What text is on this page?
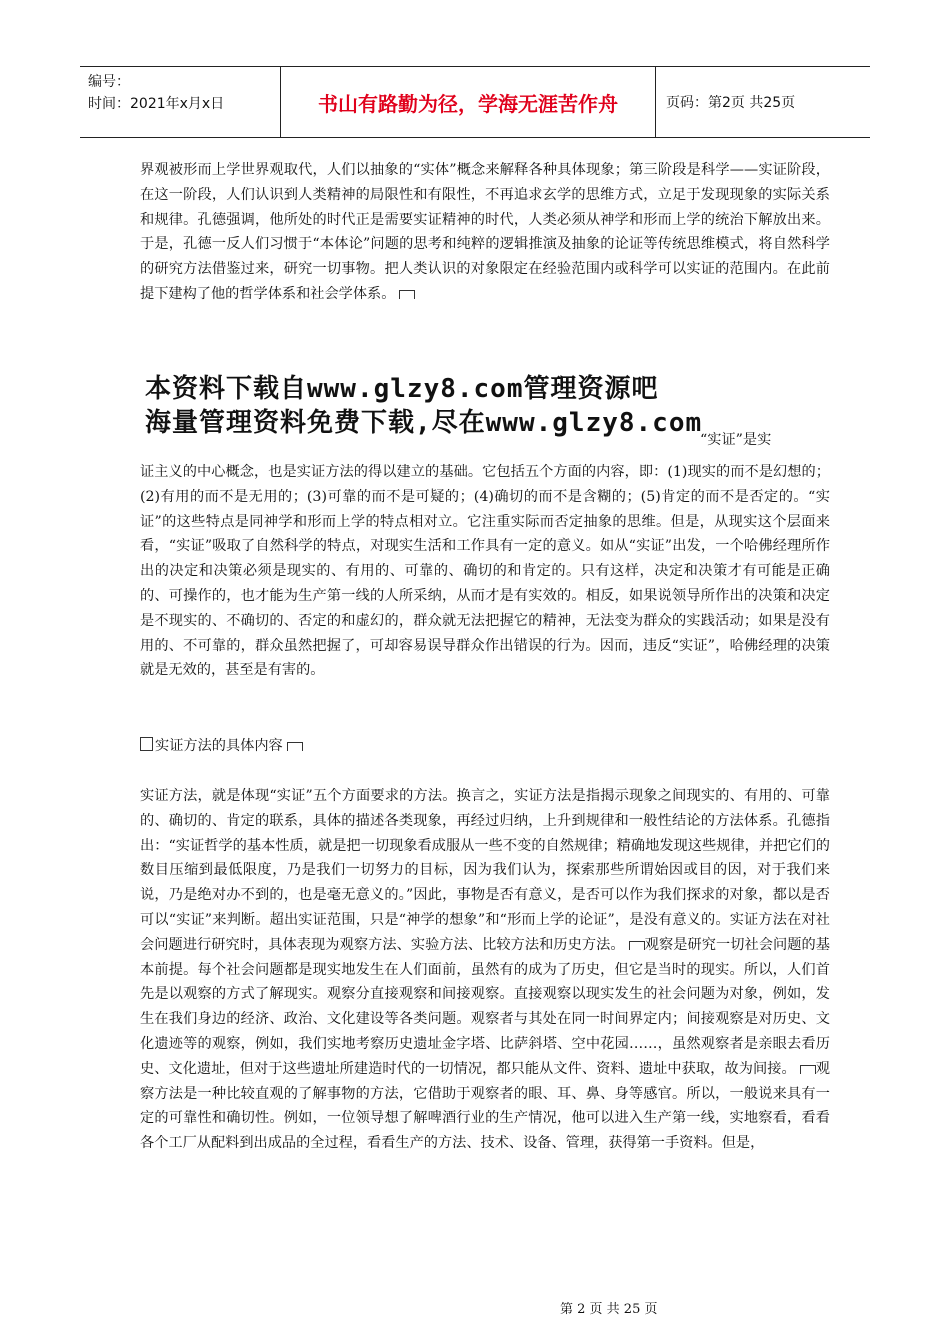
编号：
时间：2021年x月x日	书山有路勤为径，学海无涯苦作舟	页码：第2页 共25页
界观被形而上学世界观取代，人们以抽象的“实体”概念来解释各种具体现象；第三阶段是科学——实证阶段，在这一阶段，人们认识到人类精神的局限性和有限性，不再追求玄学的思维方式，立足于发现现象的实际关系和规律。孔德强调，他所处的时代正是需要实证精神的时代，人类必须从神学和形而上学的统治下解放出来。于是，孔德一反人们习惯于“本体论”问题的思考和纯粹的逻辑推演及抽象的论证等传统思维模式，将自然科学的研究方法借鉴过来，研究一切事物。把人类认识的对象限定在经验范围内或科学可以实证的范围内。在此前提下建构了他的哲学体系和社会学体系。
本资料下载自www.glzy8.com管理资源吧
海量管理资料免费下载,尽在www.glzy8.com
“实证”是实
证主义的中心概念，也是实证方法的得以建立的基础。它包括五个方面的内容，即：(1)现实的而不是幻想的；(2)有用的而不是无用的；(3)可靠的而不是可疑的；(4)确切的而不是含糊的；(5)肯定的而不是否定的。“实证”的这些特点是同神学和形而上学的特点相对立。它注重实际而否定抽象的思维。但是，从现实这个层面来看，“实证”吸取了自然科学的特点，对现实生活和工作具有一定的意义。如从“实证”出发，一个哈佛经理所作出的决定和决策必须是现实的、有用的、可靠的、确切的和肯定的。只有这样，决定和决策才有可能是正确的、可操作的，也才能为生产第一线的人所采纳，从而才是有实效的。相反，如果说领导所作出的决策和决定是不现实的、不确切的、否定的和虚幻的，群众就无法把握它的精神，无法变为群众的实践活动；如果是没有用的、不可靠的，群众虽然把握了，可却容易误导群众作出错误的行为。因而，违反“实证”，哈佛经理的决策就是无效的，甚至是有害的。
实证方法的具体内容
实证方法，就是体现“实证”五个方面要求的方法。换言之，实证方法是指揭示现象之间现实的、有用的、可靠的、确切的、肯定的联系，具体的描述各类现象，再经过归纳，上升到规律和一般性结论的方法体系。孔德指出：“实证哲学的基本性质，就是把一切现象看成服从一些不变的自然规律；精确地发现这些规律，并把它们的数目压缩到最低限度，乃是我们一切努力的目标，因为我们认为，探索那些所谓始因或目的因，对于我们来说，乃是绝对办不到的，也是毫无意义的。”因此，事物是否有意义，是否可以作为我们探求的对象，都以是否可以“实证”来判断。超出实证范围，只是“神学的想象”和“形而上学的论证”，是没有意义的。实证方法在对社会问题进行研究时，具体表现为观察方法、实验方法、比较方法和历史方法。 观察是研究一切社会问题的基本前提。每个社会问题都是现实地发生在人们面前，虽然有的成为了历史，但它是当时的现实。所以，人们首先是以观察的方式了解现实。观察分直接观察和间接观察。直接观察以现实发生的社会问题为对象，例如，发生在我们身边的经济、政治、文化建设等各类问题。观察者与其处在同一时间界定内；间接观察是对历史、文化遗迹等的观察，例如，我们实地考察历史遗址金字塔、比萨斜塔、空中花园……，虽然观察者是亲眼去看历史、文化遗址，但对于这些遗址所建造时代的一切情况，都只能从文件、资料、遗址中获取，故为间接。 观察方法是一种比较直观的了解事物的方法，它借助于观察者的眼、耳、鼻、身等感官。所以，一般说来具有一定的可靠性和确切性。例如，一位领导想了解啤酒行业的生产情况，他可以进入生产第一线，实地察看，看看各个工厂从配料到出成品的全过程，看看生产的方法、技术、设备、管理，获得第一手资料。但是，
第 2 页 共 25 页
